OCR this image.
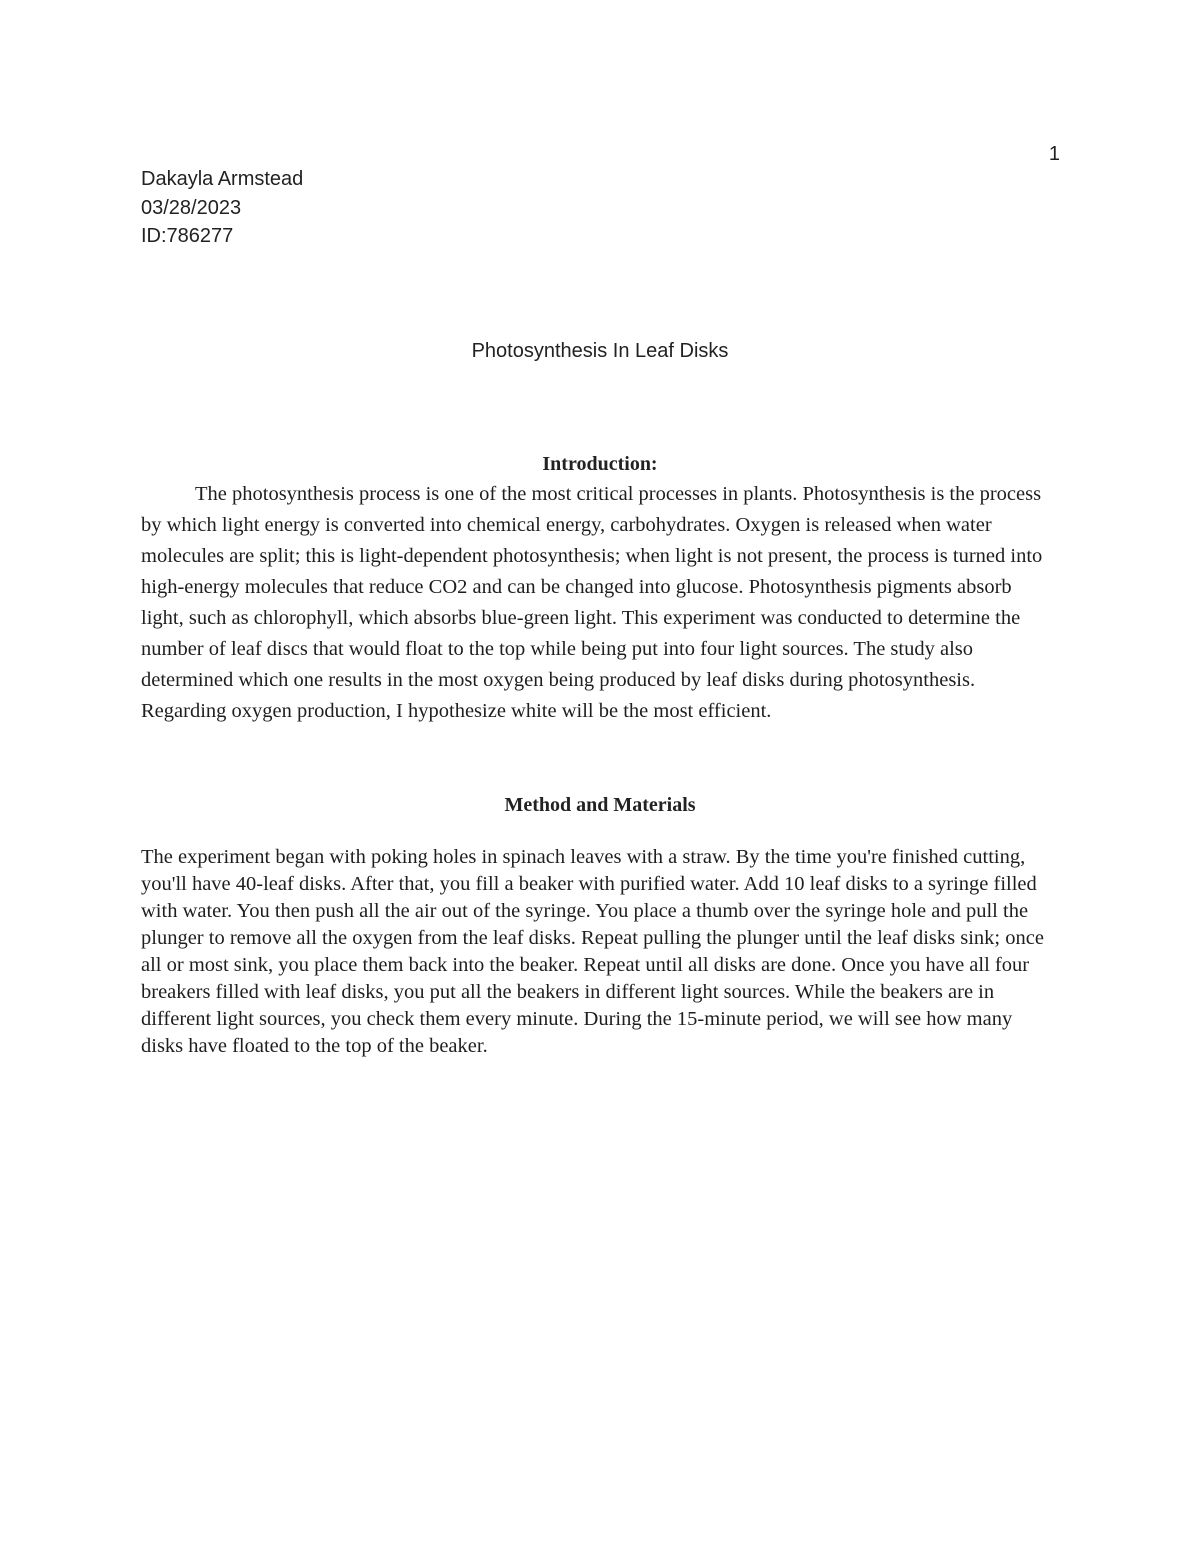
1
Dakayla Armstead
03/28/2023
ID:786277
Photosynthesis In Leaf Disks
Introduction:

The photosynthesis process is one of the most critical processes in plants. Photosynthesis is the process by which light energy is converted into chemical energy, carbohydrates. Oxygen is released when water molecules are split; this is light-dependent photosynthesis; when light is not present, the process is turned into high-energy molecules that reduce CO2 and can be changed into glucose. Photosynthesis pigments absorb light, such as chlorophyll, which absorbs blue-green light. This experiment was conducted to determine the number of leaf discs that would float to the top while being put into four light sources. The study also determined which one results in the most oxygen being produced by leaf disks during photosynthesis. Regarding oxygen production, I hypothesize white will be the most efficient.

Method and Materials

The experiment began with poking holes in spinach leaves with a straw. By the time you're finished cutting, you'll have 40-leaf disks. After that, you fill a beaker with purified water. Add 10 leaf disks to a syringe filled with water. You then push all the air out of the syringe. You place a thumb over the syringe hole and pull the plunger to remove all the oxygen from the leaf disks. Repeat pulling the plunger until the leaf disks sink; once all or most sink, you place them back into the beaker. Repeat until all disks are done. Once you have all four breakers filled with leaf disks, you put all the beakers in different light sources. While the beakers are in different light sources, you check them every minute. During the 15-minute period, we will see how many disks have floated to the top of the beaker.
